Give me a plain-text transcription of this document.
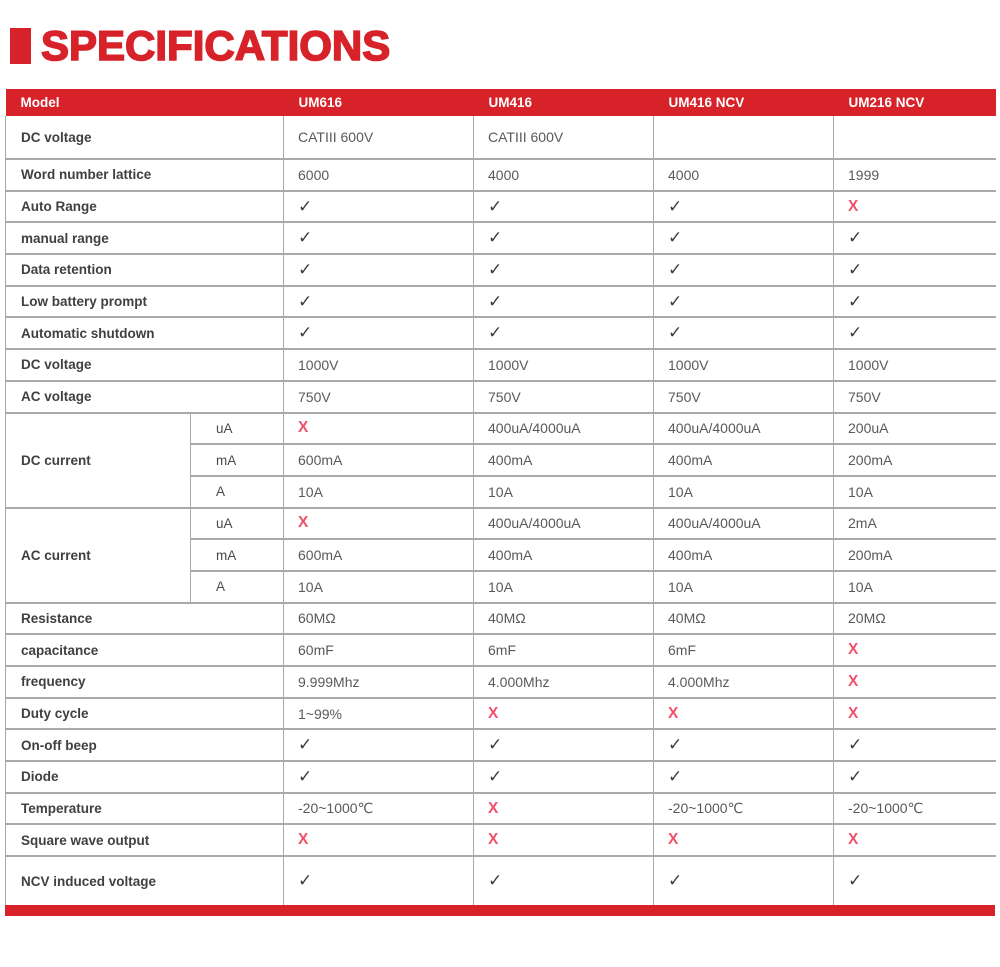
SPECIFICATIONS
Model		UM616	UM416	UM416 NCV	UM216 NCV
DC voltage		CATIII 600V	CATIII 600V		
Word number lattice		6000	4000	4000	1999
Auto Range		✓	✓	✓	X
manual range		✓	✓	✓	✓
Data retention		✓	✓	✓	✓
Low battery prompt		✓	✓	✓	✓
Automatic shutdown		✓	✓	✓	✓
DC voltage		1000V	1000V	1000V	1000V
AC voltage		750V	750V	750V	750V
DC current	uA	X	400uA/4000uA	400uA/4000uA	200uA
	mA	600mA	400mA	400mA	200mA
	A	10A	10A	10A	10A
AC current	uA	X	400uA/4000uA	400uA/4000uA	2mA
	mA	600mA	400mA	400mA	200mA
	A	10A	10A	10A	10A
Resistance		60MΩ	40MΩ	40MΩ	20MΩ
capacitance		60mF	6mF	6mF	X
frequency		9.999Mhz	4.000Mhz	4.000Mhz	X
Duty cycle		1~99%	X	X	X
On-off beep		✓	✓	✓	✓
Diode		✓	✓	✓	✓
Temperature		-20~1000℃	X	-20~1000℃	-20~1000℃
Square wave output		X	X	X	X
NCV induced voltage		✓	✓	✓	✓
